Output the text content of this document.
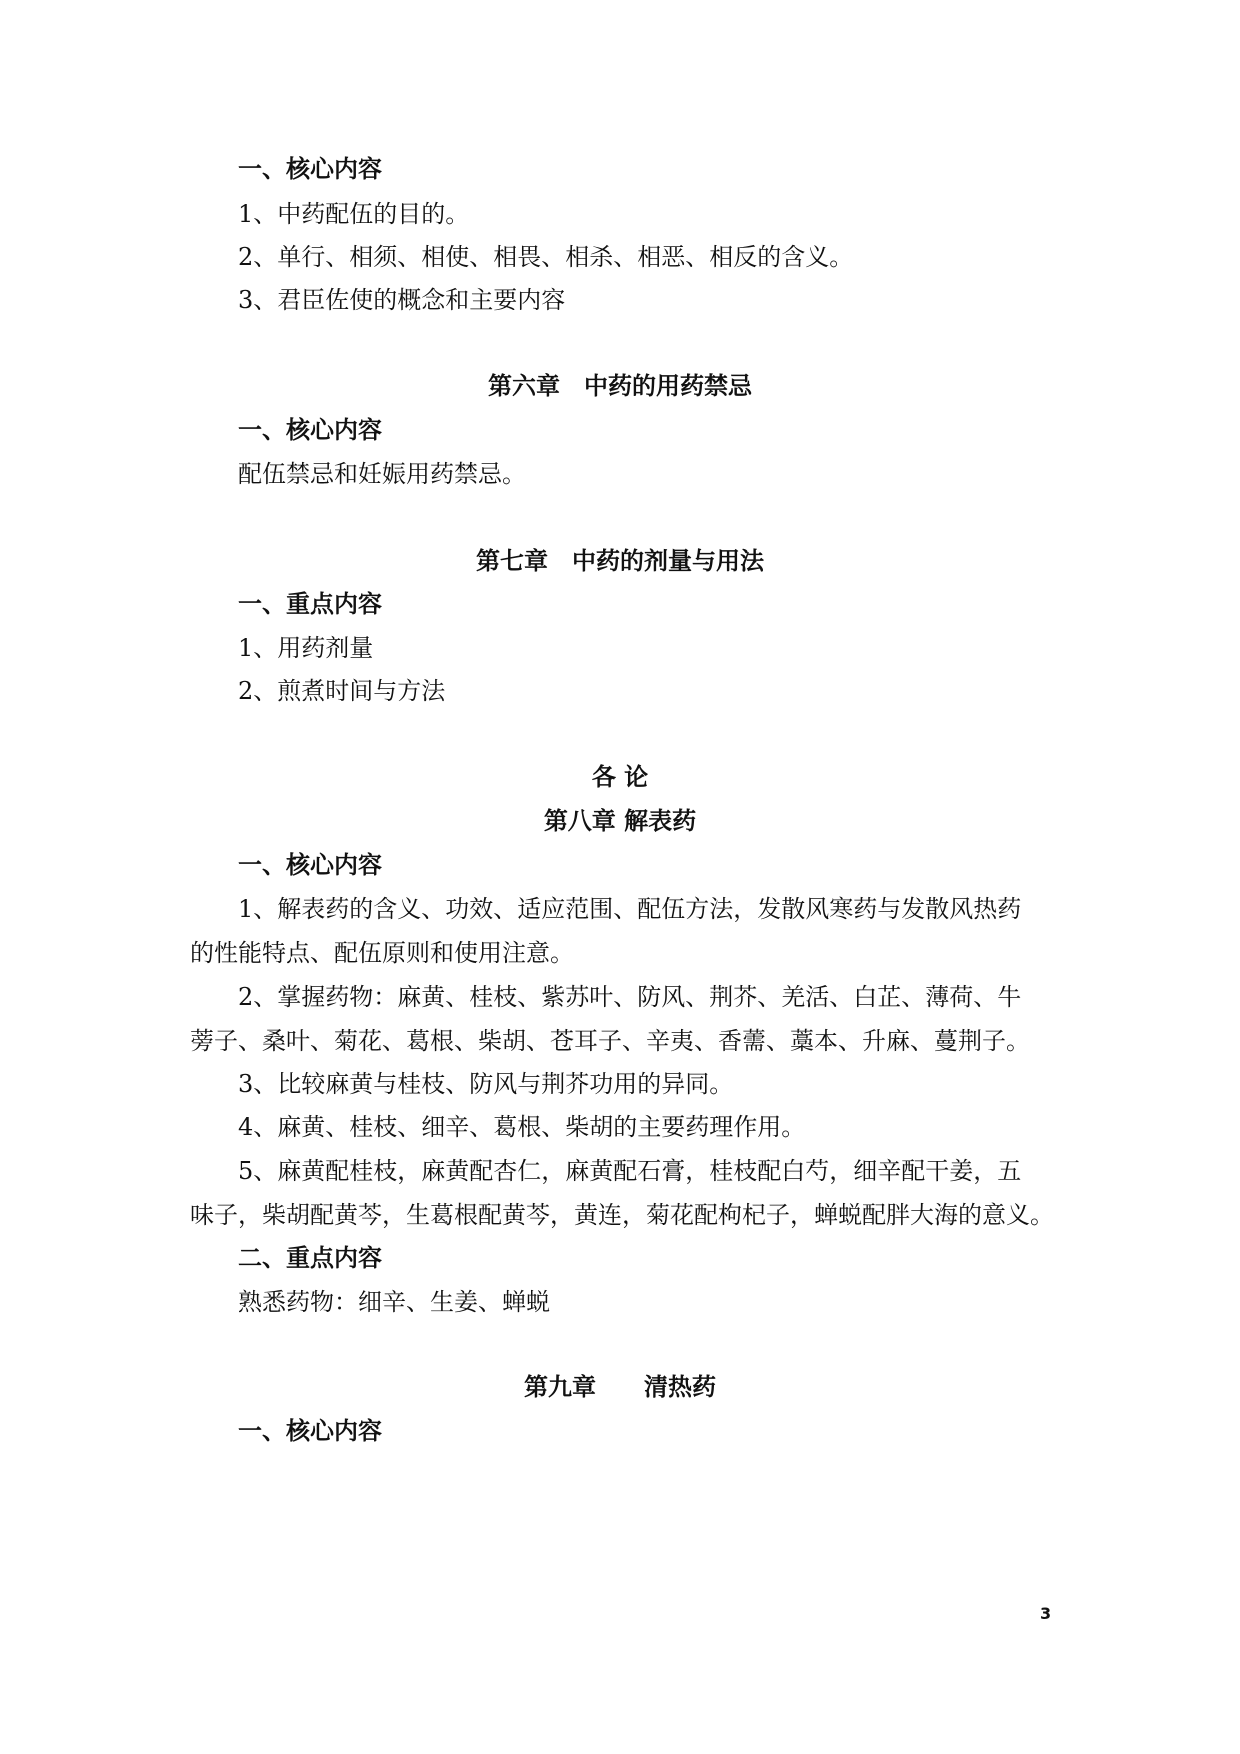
一、核心内容
1、中药配伍的目的。
2、单行、相须、相使、相畏、相杀、相恶、相反的含义。
3、君臣佐使的概念和主要内容
第六章　中药的用药禁忌
一、核心内容
配伍禁忌和妊娠用药禁忌。
第七章　中药的剂量与用法
一、重点内容
1、用药剂量
2、煎煮时间与方法
各 论
第八章 解表药
一、核心内容
1、解表药的含义、功效、适应范围、配伍方法，发散风寒药与发散风热药
的性能特点、配伍原则和使用注意。
2、掌握药物：麻黄、桂枝、紫苏叶、防风、荆芥、羌活、白芷、薄荷、牛
蒡子、桑叶、菊花、葛根、柴胡、苍耳子、辛夷、香薷、藁本、升麻、蔓荆子。
3、比较麻黄与桂枝、防风与荆芥功用的异同。
4、麻黄、桂枝、细辛、葛根、柴胡的主要药理作用。
5、麻黄配桂枝，麻黄配杏仁，麻黄配石膏，桂枝配白芍，细辛配干姜，五
味子，柴胡配黄芩，生葛根配黄芩，黄连，菊花配枸杞子，蝉蜕配胖大海的意义。
二、重点内容
熟悉药物：细辛、生姜、蝉蜕
第九章　　清热药
一、核心内容
3
